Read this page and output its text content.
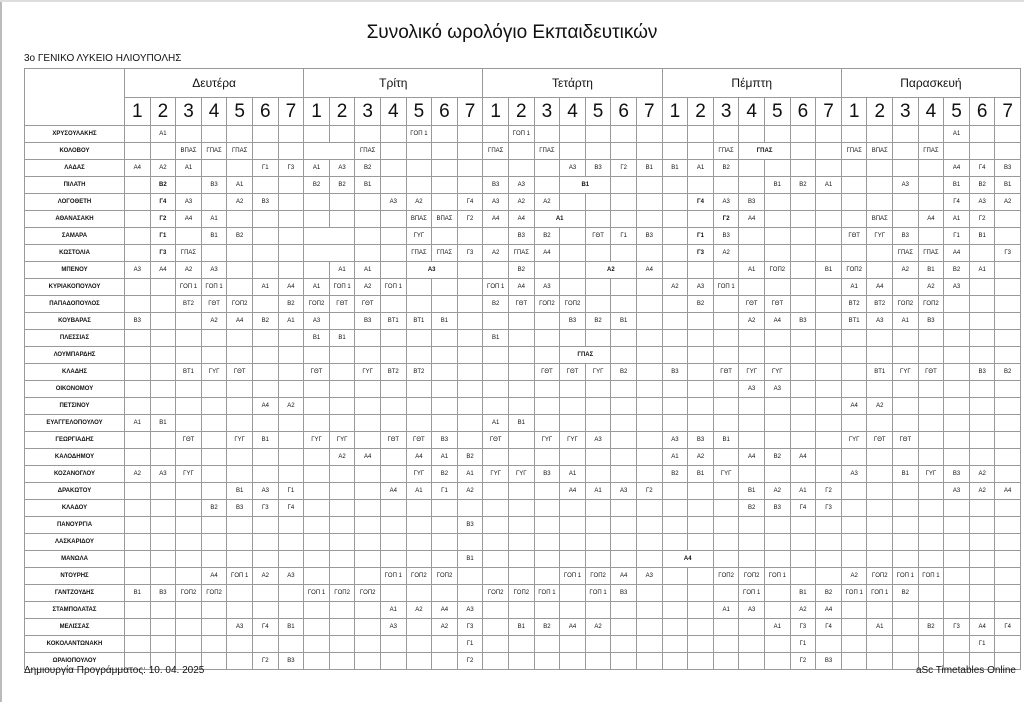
Συνολικό ωρολόγιο Εκπαιδευτικών
3ο ΓΕΝΙΚΟ ΛΥΚΕΙΟ ΗΛΙΟΥΠΟΛΗΣ
	Δευτέρα							Τρίτη							Τετάρτη							Πέμπτη							Παρασκευή							
	1	2	3	4	5	6	7	1	2	3	4	5	6	7	1	2	3	4	5	6	7	1	2	3	4	5	6	7	1	2	3	4	5	6	7	
ΧΡΥΣΟΥΛΑΚΗΣ		A1										ΓΟΠ 1				ΓΟΠ 1																	A1			
ΚΟΛΟΒΟΥ			ΒΠΑΣ	ΓΠΑΣ	ΓΠΑΣ					ΓΠΑΣ					ΓΠΑΣ		ΓΠΑΣ							ΓΠΑΣ	ΓΠΑΣ				ΓΠΑΣ	ΒΠΑΣ		ΓΠΑΣ				
ΛΑΔΑΣ	A4	A2	A1			Γ1	Γ3	A1	A3	B2								A3	B3	Γ2	B1	B1	A1	B2									A4	Γ4	B3	
ΠΙΛΑΤΗ		B2		B3	A1			B2	B2	B1					B3	A3		B1								B1	B2	A1			A3		B1	B2	B1	
ΛΟΓΟΘΕΤΗ		Γ4	A3		A2	B3					A3	A2		Γ4	A3	A2	A2						Γ4	A3	B3								Γ4	A3	A2	
ΑΘΑΝΑΣΑΚΗ		Γ2	A4	A1								ΒΠΑΣ	ΒΠΑΣ	Γ2	A4	A4	A1							Γ2	A4					ΒΠΑΣ		A4	A1	Γ2		
ΣΑΜΑΡΑ		Γ1		B1	B2							ΓΥΓ				B3	B2		ΓΘΤ	Γ1	B3		Γ1	B3					ΓΘΤ	ΓΥΓ	B3		Γ1	B1		
ΚΩΣΤΟΛΙΑ		Γ3	ΓΠΑΣ									ΓΠΑΣ	ΓΠΑΣ	Γ3	A2	ΓΠΑΣ	A4						Γ3	A2							ΓΠΑΣ	ΓΠΑΣ	A4		Γ3	
ΜΠΕΝΟΥ	A3	A4	A2	A3					A1	A1		A3				B2			A2		A4				A1	ΓΟΠ2		B1	ΓΟΠ2		A2	B1	B2	A1		
ΚΥΡΙΑΚΟΠΟΥΛΟΥ			ΓΟΠ 1	ΓΟΠ 1		A1	A4	A1	ΓΟΠ 1	A2	ΓΟΠ 1				ΓΟΠ 1	A4	A3					A2	A3	ΓΟΠ 1					A1	A4		A2	A3			
ΠΑΠΑΔΟΠΟΥΛΟΣ			ΒΤ2	ΓΘΤ	ΓΟΠ2		B2	ΓΟΠ2	ΓΘΤ	ΓΘΤ					B2	ΓΘΤ	ΓΟΠ2	ΓΟΠ2					B2		ΓΘΤ	ΓΘΤ			ΒΤ2	ΒΤ2	ΓΟΠ2	ΓΟΠ2				
ΚΟΥΒΑΡΑΣ	B3			A2	A4	B2	A1	A3		B3	ΒΤ1	ΒΤ1	B1					B3	B2	B1					A2	A4	B3		ΒΤ1	A3	A1	B3				
ΠΛΕΣΣΙΑΣ								B1	B1						B1																					
ΛΟΥΜΠΑΡΔΗΣ																		ΓΠΑΣ																		
ΚΛΑΔΗΣ			ΒΤ1	ΓΥΓ	ΓΘΤ			ΓΘΤ		ΓΥΓ	ΒΤ2	ΒΤ2					ΓΘΤ	ΓΘΤ	ΓΥΓ	B2		B3		ΓΘΤ	ΓΥΓ	ΓΥΓ				ΒΤ1	ΓΥΓ	ΓΘΤ		B3	B2	
ΟΙΚΟΝΟΜΟΥ																									A3	A3										
ΠΕΤΣΙΝΟΥ						A4	A2																						A4	A2						
ΕΥΑΓΓΕΛΟΠΟΥΛΟΥ	A1	B1													A1	B1																				
ΓΕΩΡΓΙΑΔΗΣ			ΓΘΤ		ΓΥΓ	B1		ΓΥΓ	ΓΥΓ		ΓΘΤ	ΓΘΤ	B3		ΓΘΤ		ΓΥΓ	ΓΥΓ	A3			A3	B3	B1					ΓΥΓ	ΓΘΤ	ΓΘΤ					
ΚΑΛΟΔΗΜΟΥ									A2	A4		A4	A1	B2								A1	A2		A4	B2	A4									
ΚΟΖΑΝΟΓΛΟΥ	A2	A3	ΓΥΓ									ΓΥΓ	B2	A1	ΓΥΓ	ΓΥΓ	B3	A1				B2	B1	ΓΥΓ					A3		B1	ΓΥΓ	B3	A2		
ΔΡΑΚΩΤΟΥ					B1	A3	Γ1				A4	A1	Γ1	A2				A4	A1	A3	Γ2				B1	A2	A1	Γ2					A3	A2	A4	
ΚΛΑΔΟΥ				B2	B3	Γ3	Γ4																		B2	B3	Γ4	Γ3								
ΠΑΝΟΥΡΓΙΑ														B3																						
ΛΑΣΚΑΡΙΔΟΥ																																				
ΜΑΝΩΛΑ														B1								A4														
ΝΤΟΥΡΗΣ				A4	ΓΟΠ 1	A2	A3				ΓΟΠ 1	ΓΟΠ2	ΓΟΠ2					ΓΟΠ 1	ΓΟΠ2	A4	A3			ΓΟΠ2	ΓΟΠ2	ΓΟΠ 1			A2	ΓΟΠ2	ΓΟΠ 1	ΓΟΠ 1				
ΓΑΝΤΖΟΥΔΗΣ	B1	B3	ΓΟΠ2	ΓΟΠ2				ΓΟΠ 1	ΓΟΠ2	ΓΟΠ2					ΓΟΠ2	ΓΟΠ2	ΓΟΠ 1		ΓΟΠ 1	B3					ΓΟΠ 1		B1	B2	ΓΟΠ 1	ΓΟΠ 1	B2					
ΣΤΑΜΠΟΛΑΤΑΣ											A1	A2	A4	A3										A1	A3		A2	A4								
ΜΕΛΙΣΣΑΣ					A3	Γ4	B1				A3		A2	Γ3		B1	B2	A4	A2							A1	Γ3	Γ4		A1		B2	Γ3	A4	Γ4	
ΚΟΚΟΛΑΝΤΩΝΑΚΗ														Γ1													Γ1							Γ1		
ΩΡΑΙΟΠΟΥΛΟΥ						Γ2	B3							Γ2													Γ2	B3								
Δημιουργία Προγράμματος: 10. 04. 2025	aSc Timetables Online
